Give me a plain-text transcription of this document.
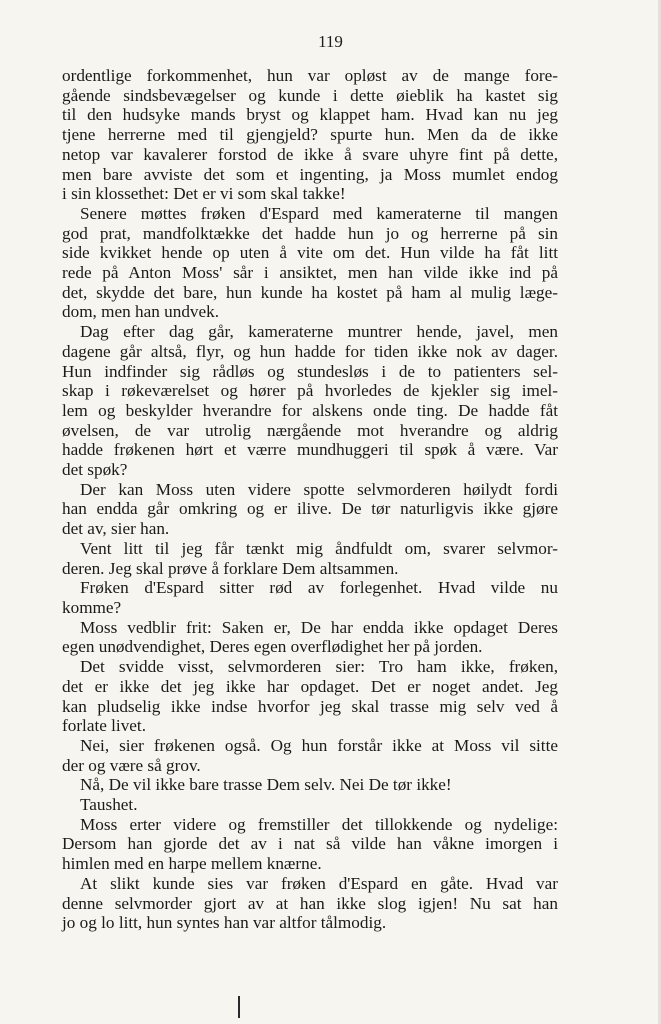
119

ordentlige forkommenhet, hun var opløst av de mange fore-
gående sindsbevægelser og kunde i dette øieblik ha kastet sig
til den hudsyke mands bryst og klappet ham. Hvad kan nu jeg
tjene herrerne med til gjengjeld? spurte hun. Men da de ikke
netop var kavalerer forstod de ikke å svare uhyre fint på dette,
men bare avviste det som et ingenting, ja Moss mumlet endog
i sin klossethet: Det er vi som skal takke!

Senere møttes frøken d'Espard med kameraterne til mangen
god prat, mandfolktække det hadde hun jo og herrerne på sin
side kvikket hende op uten å vite om det. Hun vilde ha fåt litt
rede på Anton Moss' sår i ansiktet, men han vilde ikke ind på
det, skydde det bare, hun kunde ha kostet på ham al mulig læge-
dom, men han undvek.

Dag efter dag går, kameraterne muntrer hende, javel, men
dagene går altså, flyr, og hun hadde for tiden ikke nok av dager.
Hun indfinder sig rådløs og stundesløs i de to patienters sel-
skap i røkeværelset og hører på hvorledes de kjekler sig imel-
lem og beskylder hverandre for alskens onde ting. De hadde fåt
øvelsen, de var utrolig nærgående mot hverandre og aldrig
hadde frøkenen hørt et værre mundhuggeri til spøk å være. Var
det spøk?

Der kan Moss uten videre spotte selvmorderen høilydt fordi
han endda går omkring og er ilive. De tør naturligvis ikke gjøre
det av, sier han.

Vent litt til jeg får tænkt mig åndfuldt om, svarer selvmor-
deren. Jeg skal prøve å forklare Dem altsammen.

Frøken d'Espard sitter rød av forlegenhet. Hvad vilde nu
komme?

Moss vedblir frit: Saken er, De har endda ikke opdaget Deres
egen unødvendighet, Deres egen overflødighet her på jorden.

Det svidde visst, selvmorderen sier: Tro ham ikke, frøken,
det er ikke det jeg ikke har opdaget. Det er noget andet. Jeg
kan pludselig ikke indse hvorfor jeg skal trasse mig selv ved å
forlate livet.

Nei, sier frøkenen også. Og hun forstår ikke at Moss vil sitte
der og være så grov.

Nå, De vil ikke bare trasse Dem selv. Nei De tør ikke!

Taushet.

Moss erter videre og fremstiller det tillokkende og nydelige:
Dersom han gjorde det av i nat så vilde han våkne imorgen i
himlen med en harpe mellem knærne.

At slikt kunde sies var frøken d'Espard en gåte. Hvad var
denne selvmorder gjort av at han ikke slog igjen! Nu sat han
jo og lo litt, hun syntes han var altfor tålmodig.
